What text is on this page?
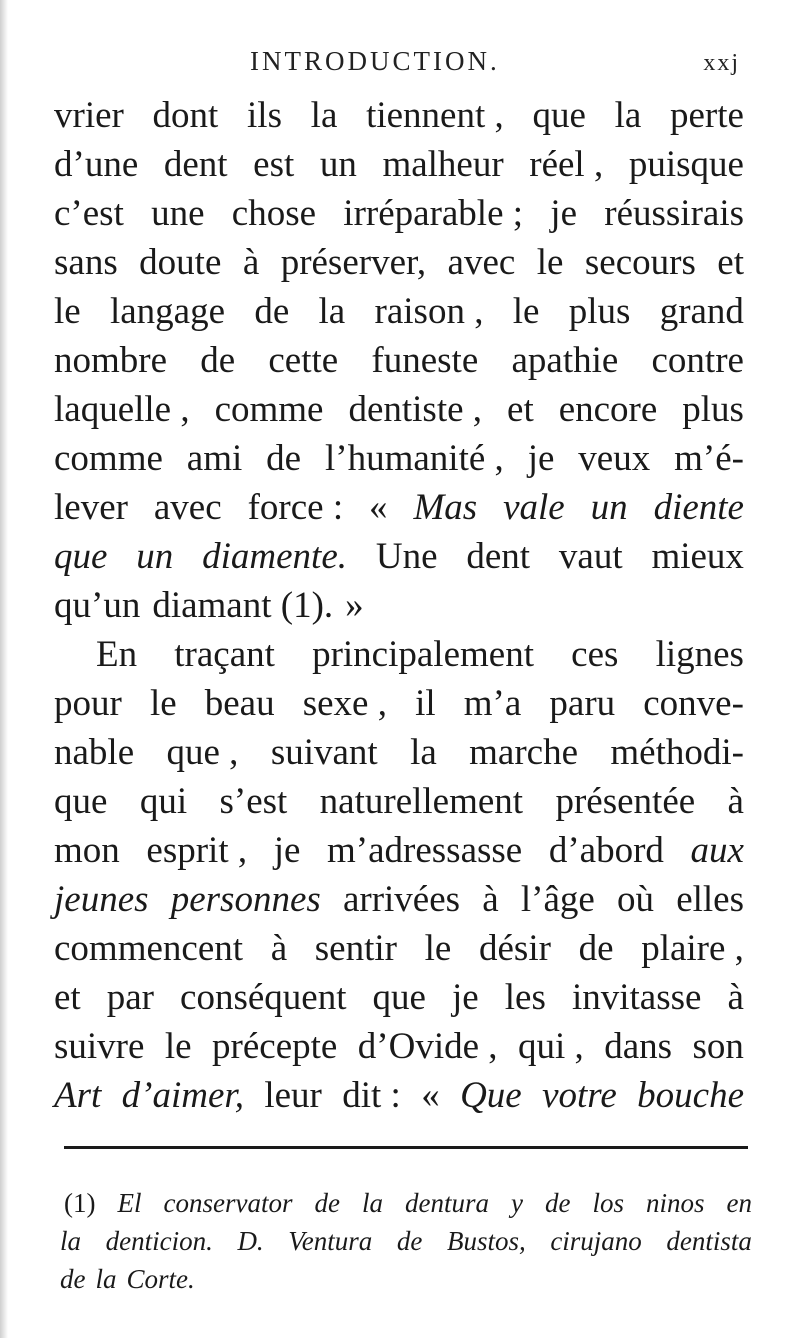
INTRODUCTION.	xxj
vrier dont ils la tiennent , que la perte
d’une dent est un malheur réel , puisque
c’est une chose irréparable ; je réussirais
sans doute à préserver, avec le secours et
le langage de la raison , le plus grand
nombre de cette funeste apathie contre
laquelle , comme dentiste , et encore plus
comme ami de l’humanité , je veux m’é-
lever avec force : « Mas vale un diente
que un diamente. Une dent vaut mieux
qu’un diamant (1). »
En traçant principalement ces lignes
pour le beau sexe , il m’a paru conve-
nable que , suivant la marche méthodi-
que qui s’est naturellement présentée à
mon esprit , je m’adressasse d’abord aux
jeunes personnes arrivées à l’âge où elles
commencent à sentir le désir de plaire ,
et par conséquent que je les invitasse à
suivre le précepte d’Ovide , qui , dans son
Art d’aimer, leur dit : « Que votre bouche
(1) El conservator de la dentura y de los ninos en
la denticion. D. Ventura de Bustos, cirujano dentista
de la Corte.
